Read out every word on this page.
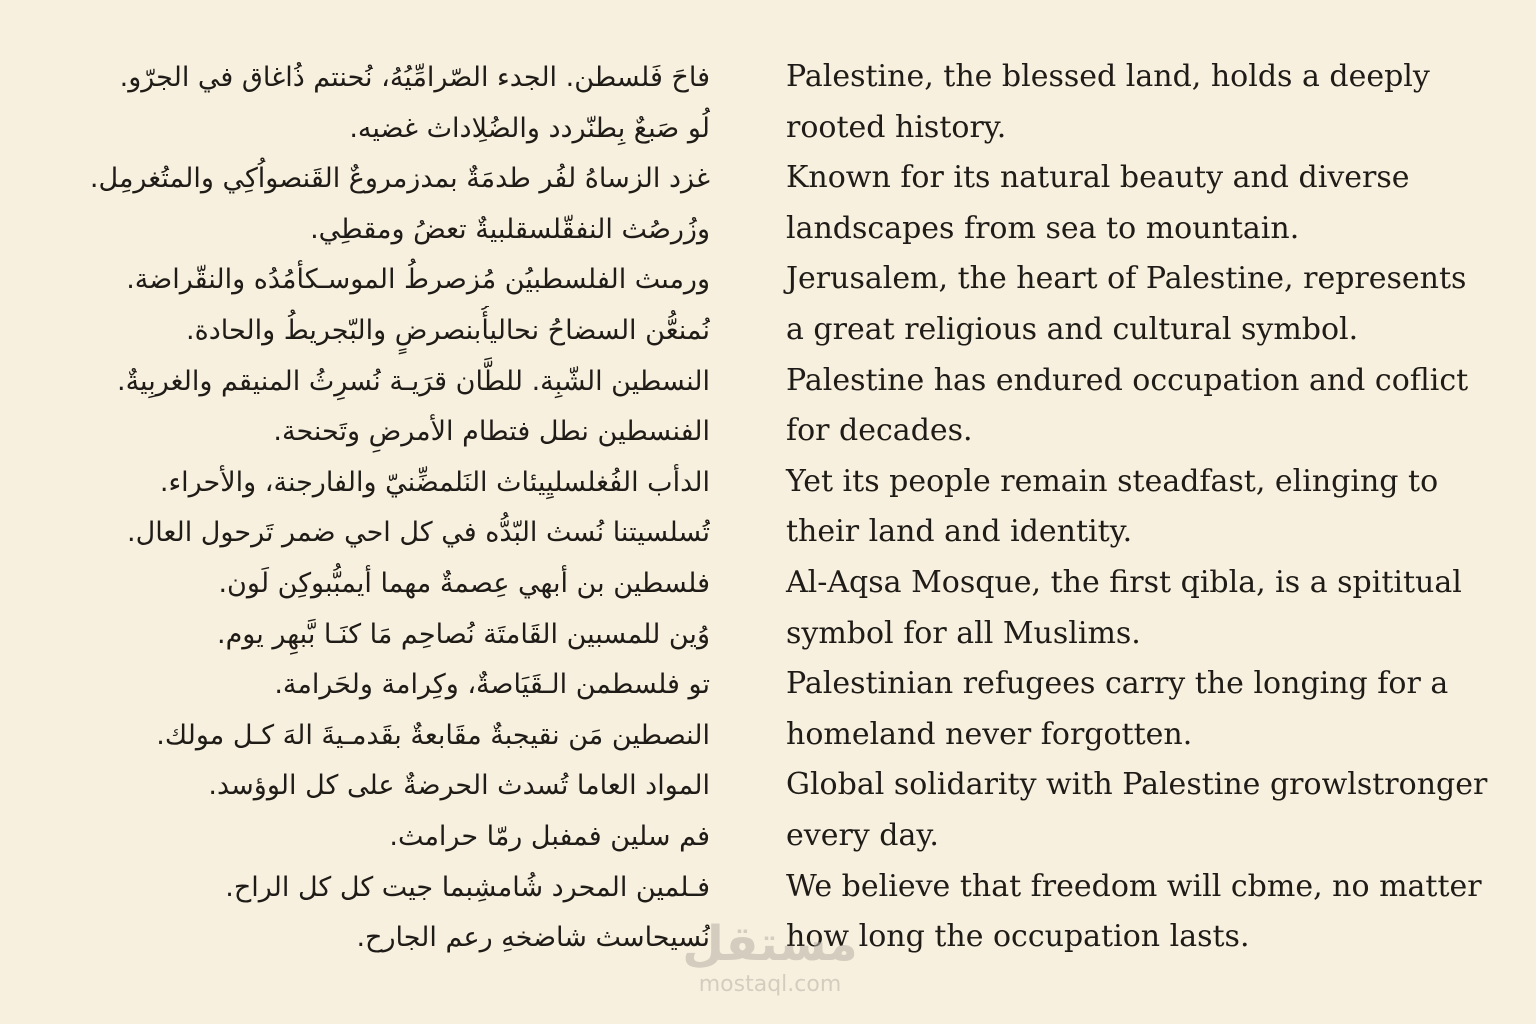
فاحَ فَلسطن. الجدء الصّرامِّيُهُ، نُحنتم ذُاغاق في الجرّو.
لُو صَبعٌ بِطنّردد والضُلِاداث غضيه.
غزد الزساهُ لفُر طدمَةٌ بمدزمروعٌ القَنصواُكِي والمتُغرمِل.
وزُرصُث النفقّلسقلبيةٌ تعضُ ومقطِي.
ورمىث الفلسطبيُن مُزصرطُ الموسـكأمُدُه والنقّراضة.
نُمنعُّن السضاحُ نحاليأُبنصرضٍ والبّجريطُ والحادة.
النسطين الشّبِة. للطَّان قرَيـة نُسرِثُ المنيقم والغربِيةٌ.
الفنسطين نطل فتطام الأمرضِ وتَحنحة.
الدأب الفُغلسليِيئاث النَلمضِّنيّ والفارجنة، والأحراء.
تُسلسيتنا نُسث البّدُّه في كل احي ضمر تَرحول العال.
فلسطين بن أبهي عِصمةٌ مهما أيمبُّبوكِن لَون.
وُين للمسبين القَامتَة نُصاحِم مَا كنَـا بَّبهِر يوم.
تو فلسطمن الـقَيَاصةٌ، وكِرامة ولحَرامة.
النصطين مَن نقيجبةٌ مقَابعةٌ بقَدمـيةَ الهَ كـل مولك.
المواد العاما تُسدث الحرضةٌ على كل الوؤسد.
فم سلين فمفبل رمّا حرامث.
فـلمين المحرد شُامشِبما جيت كل كل الراح.
نُسيحاسث شاضخهِ رعم الجارح.
Palestine, the blessed land, holds a deeply
rooted history.
Known for its natural beauty and diverse
landscapes from sea to mountain.
Jerusalem, the heart of Palestine, represents
a great religious and cultural symbol.
Palestine has endured occupation and coflict
for decades.
Yet its people remain steadfast, elinging to
their land and identity.
Al-Aqsa Mosque, the first qibla, is a spititual
symbol for all Muslims.
Palestinian refugees carry the longing for a
homeland never forgotten.
Global solidarity with Palestine growlstronger
every day.
We believe that freedom will cbme, no matter
how long the occupation lasts.
مستقل
mostaql.com
